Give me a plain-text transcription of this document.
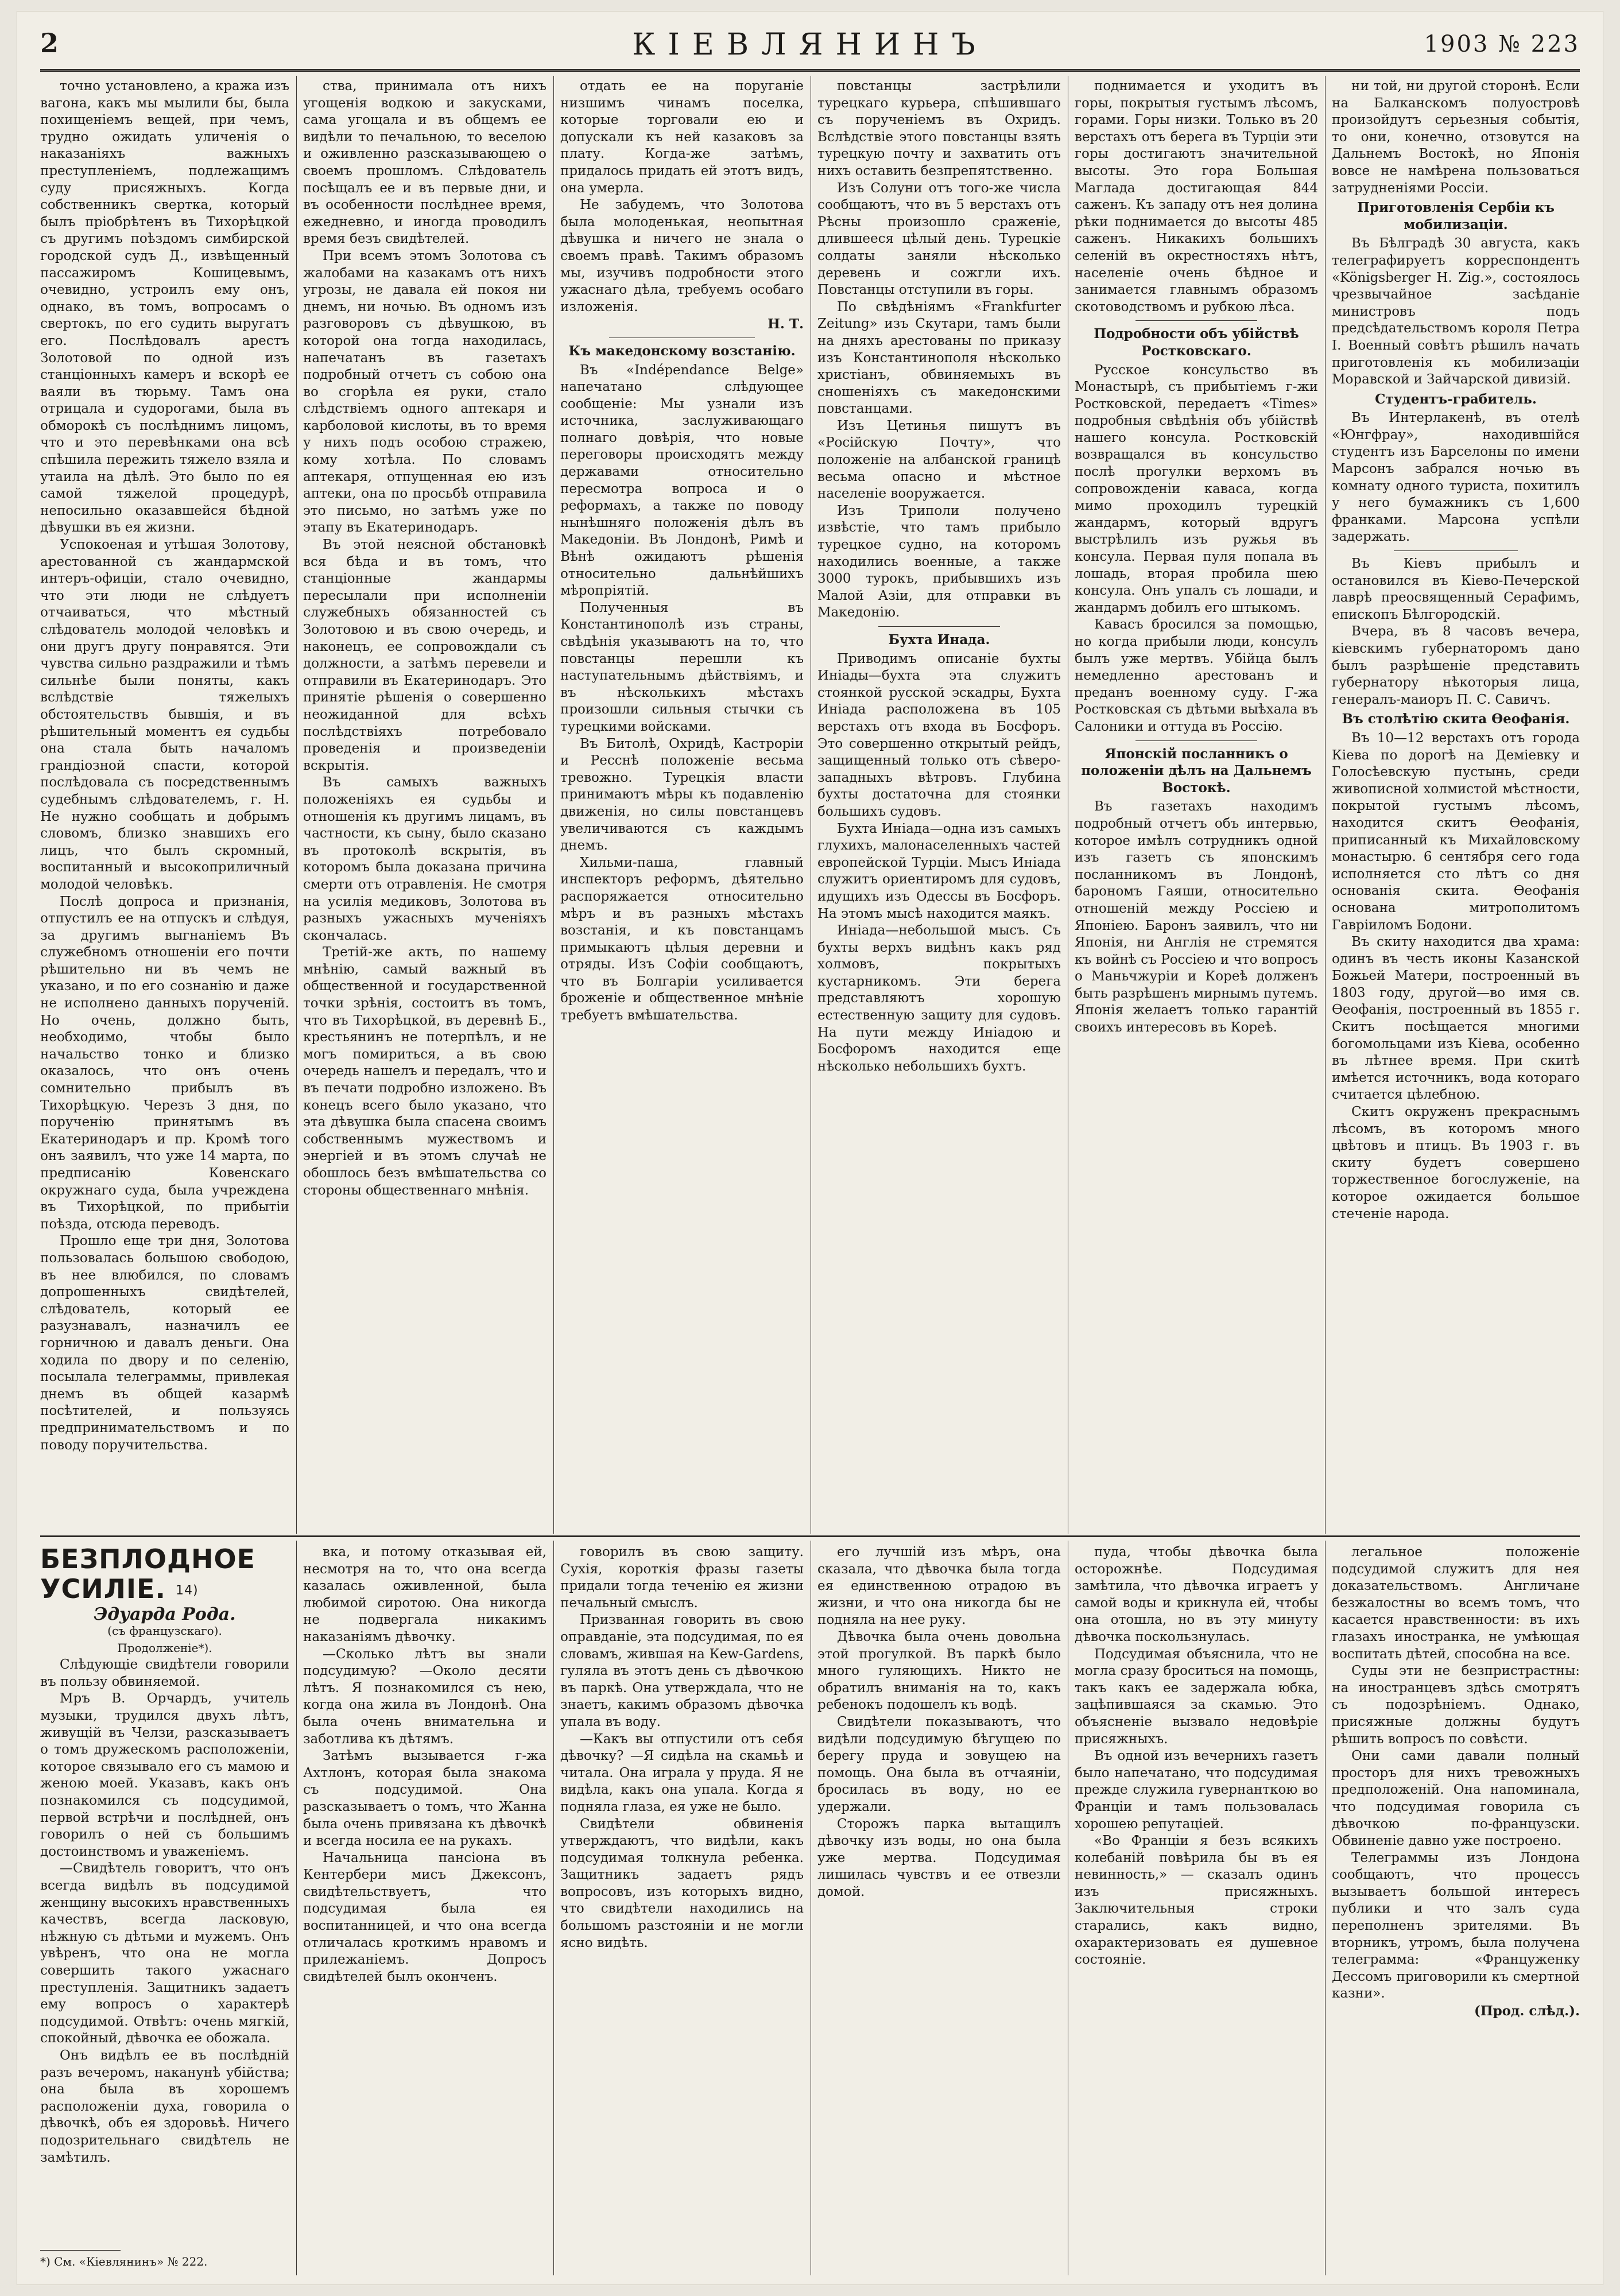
2	КІЕВЛЯНИНЪ	1903 № 223

точно установлено, а кража изъ вагона, какъ мы мылили бы, была похищеніемъ вещей, при чемъ, трудно ожидать уличенія о наказаніяхъ важныхъ преступленіемъ, подлежащимъ суду присяжныхъ. Когда собственникъ свертка, который былъ пріобрѣтенъ въ Тихорѣцкой съ другимъ поѣздомъ симбирской городской судъ Д., извѣщенный пассажиромъ Кошицевымъ, очевидно, устроилъ ему онъ, однако, въ томъ, вопросамъ о свертокъ, по его судить выругатъ его. Послѣдовалъ арестъ Золотовой по одной изъ станціонныхъ камеръ и вскорѣ ее ваяли въ тюрьму. Тамъ она отрицала и судорогами, была въ обморокѣ съ послѣднимъ лицомъ, что и это перевѣнками она всѣ спѣшила пережить тяжело взяла и утаила на дѣлѣ. Это было по ея самой тяжелой процедурѣ, непосильно оказавшейся бѣдной дѣвушки въ ея жизни.

Успокоеная и утѣшая Золотову, арестованной съ жандармской интеръ-офиціи, стало очевидно, что эти люди не слѣдуетъ отчаиваться, что мѣстный слѣдователь молодой человѣкъ и они другъ другу понравятся. Эти чувства сильно раздражили и тѣмъ сильнѣе были поняты, какъ вслѣдствіе тяжелыхъ обстоятельствъ бывшія, и въ рѣшительный моментъ ея судьбы она стала быть началомъ грандіозной спасти, которой послѣдовала съ посредственнымъ судебнымъ слѣдователемъ, г. Н. Не нужно сообщать и добрымъ словомъ, близко знавшихъ его лицъ, что былъ скромный, воспитанный и высокоприличный молодой человѣкъ.

Послѣ допроса и признанія, отпустилъ ее на отпускъ и слѣдуя, за другимъ выгнаніемъ Въ служебномъ отношеніи его почти рѣшительно ни въ чемъ не указано, и по его сознанію и даже не исполнено данныхъ порученій. Но очень, должно быть, необходимо, чтобы было начальство тонко и близко оказалось, что онъ очень сомнительно прибылъ въ Тихорѣцкую. Черезъ 3 дня, по порученію принятымъ въ Екатеринодаръ и пр. Кромѣ того онъ заявилъ, что уже 14 марта, по предписанію Ковенскаго окружнаго суда, была учреждена въ Тихорѣцкой, по прибытіи поѣзда, отсюда переводъ.

Прошло еще три дня, Золотова пользовалась большою свободою, въ нее влюбился, по словамъ допрошенныхъ свидѣтелей, слѣдователь, который ее разузнавалъ, назначилъ ее горничною и давалъ деньги. Она ходила по двору и по селенію, посылала телеграммы, привлекая днемъ въ общей казармѣ посѣтителей, и пользуясь предпринимательствомъ и по поводу поручительства.

ства, принимала отъ нихъ угощенія водкою и закусками, сама угощала и въ общемъ ее видѣли то печальною, то веселою и оживленно разсказывающею о своемъ прошломъ. Слѣдователь посѣщалъ ее и въ первые дни, и въ особенности послѣднее время, ежедневно, и иногда проводилъ время безъ свидѣтелей.

При всемъ этомъ Золотова съ жалобами на казакамъ отъ нихъ угрозы, не давала ей покоя ни днемъ, ни ночью. Въ одномъ изъ разговоровъ съ дѣвушкою, въ которой она тогда находилась, напечатанъ въ газетахъ подробный отчетъ съ собою она во сгорѣла ея руки, стало слѣдствіемъ одного аптекаря и карболовой кислоты, въ то время у нихъ подъ особою стражею, кому хотѣла. По словамъ аптекаря, отпущенная ею изъ аптеки, она по просьбѣ отправила это письмо, но затѣмъ уже по этапу въ Екатеринодаръ.

Въ этой неясной обстановкѣ вся бѣда и въ томъ, что станціонные жандармы пересылали при исполненіи служебныхъ обязанностей съ Золотовою и въ свою очередь, и наконецъ, ее сопровождали съ должности, а затѣмъ перевели и отправили въ Екатеринодаръ. Это принятіе рѣшенія о совершенно неожиданной для всѣхъ послѣдствіяхъ потребовало проведенія и произведеніи вскрытія.

Въ самыхъ важныхъ положеніяхъ ея судьбы и отношенія къ другимъ лицамъ, въ частности, къ сыну, было сказано въ протоколѣ вскрытія, въ которомъ была доказана причина смерти отъ отравленія. Не смотря на усилія медиковъ, Золотова въ разныхъ ужасныхъ мученіяхъ скончалась.

Третій-же акть, по нашему мнѣнію, самый важный въ общественной и государственной точки зрѣнія, состоитъ въ томъ, что въ Тихорѣцкой, въ деревнѣ Б., крестьянинъ не потерпѣлъ, и не могъ помириться, а въ свою очередь нашелъ и передалъ, что и въ печати подробно изложено. Въ конецъ всего было указано, что эта дѣвушка была спасена своимъ собственнымъ мужествомъ и энергіей и въ этомъ случаѣ не обошлось безъ вмѣшательства со стороны общественнаго мнѣнія.

отдать ее на поруганіе низшимъ чинамъ поселка, которые торговали ею и допускали къ ней казаковъ за плату. Когда-же затѣмъ, придалось придать ей этотъ видъ, она умерла.

Не забудемъ, что Золотова была молоденькая, неопытная дѣвушка и ничего не знала о своемъ правѣ. Такимъ образомъ мы, изучивъ подробности этого ужаснаго дѣла, требуемъ особаго изложенія.

Н. Т.

Къ македонскому возстанію.

Въ «Indépendance Belge» напечатано слѣдующее сообщеніе: Мы узнали изъ источника, заслуживающаго полнаго довѣрія, что новые переговоры происходятъ между державами относительно пересмотра вопроса и о реформахъ, а также по поводу нынѣшняго положенія дѣлъ въ Македоніи. Въ Лондонѣ, Римѣ и Вѣнѣ ожидаютъ рѣшенія относительно дальнѣйшихъ мѣропріятій.

Полученныя въ Константинополѣ изъ страны, свѣдѣнія указываютъ на то, что повстанцы перешли къ наступательнымъ дѣйствіямъ, и въ нѣсколькихъ мѣстахъ произошли сильныя стычки съ турецкими войсками.

Въ Битолѣ, Охридѣ, Кастроріи и Ресснѣ положеніе весьма тревожно. Турецкія власти принимаютъ мѣры къ подавленію движенія, но силы повстанцевъ увеличиваются съ каждымъ днемъ.

Хильми-паша, главный инспекторъ реформъ, дѣятельно распоряжается относительно мѣръ и въ разныхъ мѣстахъ возстанія, и къ повстанцамъ примыкаютъ цѣлыя деревни и отряды. Изъ Софіи сообщаютъ, что въ Болгаріи усиливается броженіе и общественное мнѣніе требуетъ вмѣшательства.

повстанцы застрѣлили турецкаго курьера, спѣшившаго съ порученіемъ въ Охридъ. Вслѣдствіе этого повстанцы взять турецкую почту и захватить отъ нихъ оставить безпрепятственно.

Изъ Солуни отъ того-же числа сообщаютъ, что въ 5 верстахъ отъ Рѣсны произошло сраженіе, длившееся цѣлый день. Турецкіе солдаты заняли нѣсколько деревень и сожгли ихъ. Повстанцы отступили въ горы.

По свѣдѣніямъ «Frankfurter Zeitung» изъ Скутари, тамъ были на дняхъ арестованы по приказу изъ Константинополя нѣсколько христіанъ, обвиняемыхъ въ сношеніяхъ съ македонскими повстанцами.

Изъ Цетинья пишутъ въ «Російскую Почту», что положеніе на албанской границѣ весьма опасно и мѣстное населеніе вооружается.

Изъ Триполи получено извѣстіе, что тамъ прибыло турецкое судно, на которомъ находились военные, а также 3000 турокъ, прибывшихъ изъ Малой Азіи, для отправки въ Македонію.

Бухта Инада.

Приводимъ описаніе бухты Иніады—бухта эта служитъ стоянкой русской эскадры, Бухта Иніада расположена въ 105 верстахъ отъ входа въ Босфоръ. Это совершенно открытый рейдъ, защищенный только отъ сѣверо-западныхъ вѣтровъ. Глубина бухты достаточна для стоянки большихъ судовъ.

Бухта Иніада—одна изъ самыхъ глухихъ, малонаселенныхъ частей европейской Турціи. Мысъ Иніада служитъ ориентиромъ для судовъ, идущихъ изъ Одессы въ Босфоръ. На этомъ мысѣ находится маякъ.

Иніада—небольшой мысъ. Съ бухты верхъ видѣнъ какъ ряд холмовъ, покрытыхъ кустарникомъ. Эти берега представляютъ хорошую естественную защиту для судовъ. На пути между Иніадою и Босфоромъ находится еще нѣсколько небольшихъ бухтъ.

поднимается и уходитъ въ горы, покрытыя густымъ лѣсомъ, горами. Горы низки. Только въ 20 верстахъ отъ берега въ Турціи эти горы достигаютъ значительной высоты. Это гора Большая Маглада достигающая 844 саженъ. Къ западу отъ нея долина рѣки поднимается до высоты 485 саженъ. Никакихъ большихъ селеній въ окрестностяхъ нѣтъ, населеніе очень бѣдное и занимается главнымъ образомъ скотоводствомъ и рубкою лѣса.

Подробности объ убійствѣ Ростковскаго.

Русское консульство въ Монастырѣ, съ прибытіемъ г-жи Ростковской, передаетъ «Times» подробныя свѣдѣнія объ убійствѣ нашего консула. Ростковскій возвращался въ консульство послѣ прогулки верхомъ въ сопровожденіи каваса, когда мимо проходилъ турецкій жандармъ, который вдругъ выстрѣлилъ изъ ружья въ консула. Первая пуля попала въ лошадь, вторая пробила шею консула. Онъ упалъ съ лошади, и жандармъ добилъ его штыкомъ.

Кавасъ бросился за помощью, но когда прибыли люди, консулъ былъ уже мертвъ. Убійца былъ немедленно арестованъ и преданъ военному суду. Г-жа Ростковская съ дѣтьми выѣхала въ Салоники и оттуда въ Россію.

Японскій посланникъ о положеніи дѣлъ на Дальнемъ Востокѣ.

Въ газетахъ находимъ подробный отчетъ объ интервью, которое имѣлъ сотрудникъ одной изъ газетъ съ японскимъ посланникомъ въ Лондонѣ, барономъ Гаяши, относительно отношеній между Россіею и Японіею. Баронъ заявилъ, что ни Японія, ни Англія не стремятся къ войнѣ съ Россіею и что вопросъ о Маньчжуріи и Кореѣ долженъ быть разрѣшенъ мирнымъ путемъ. Японія желаетъ только гарантій своихъ интересовъ въ Кореѣ.

ни той, ни другой сторонѣ. Если на Балканскомъ полуостровѣ произойдутъ серьезныя событія, то они, конечно, отзовутся на Дальнемъ Востокѣ, но Японія вовсе не намѣрена пользоваться затрудненіями Россіи.

Приготовленія Сербіи къ мобилизаціи.

Въ Бѣлградѣ 30 августа, какъ телеграфируетъ корреспондентъ «Königsberger H. Zig.», состоялось чрезвычайное засѣданіе министровъ подъ предсѣдательствомъ короля Петра I. Военный совѣтъ рѣшилъ начать приготовленія къ мобилизаціи Моравской и Зайчарской дивизій.

Студентъ-грабитель.

Въ Интерлакенѣ, въ отелѣ «Юнгфрау», находившійся студентъ изъ Барселоны по имени Марсонъ забрался ночью въ комнату одного туриста, похитилъ у него бумажникъ съ 1,600 франками. Марсона успѣли задержать.

Въ Кіевъ прибылъ и остановился въ Кіево-Печерской лаврѣ преосвященный Серафимъ, епископъ Бѣлгородскій.

Вчера, въ 8 часовъ вечера, кіевскимъ губернаторомъ дано былъ разрѣшеніе представить губернатору нѣкоторыя лица, генералъ-маиоръ П. С. Савичъ.

Въ столѣтію скита Ѳеофанія.

Въ 10—12 верстахъ отъ города Кіева по дорогѣ на Деміевку и Голосѣевскую пустынь, среди живописной холмистой мѣстности, покрытой густымъ лѣсомъ, находится скитъ Ѳеофанія, приписанный къ Михайловскому монастырю. 6 сентября сего года исполняется сто лѣтъ со дня основанія скита. Ѳеофанія основана митрополитомъ Гавріиломъ Бодони.

Въ скиту находится два храма: одинъ въ честь иконы Казанской Божьей Матери, построенный въ 1803 году, другой—во имя св. Ѳеофанія, построенный въ 1855 г. Скитъ посѣщается многими богомольцами изъ Кіева, особенно въ лѣтнее время. При скитѣ имѣется источникъ, вода котораго считается цѣлебною.

Скитъ окруженъ прекраснымъ лѣсомъ, въ которомъ много цвѣтовъ и птицъ. Въ 1903 г. въ скиту будетъ совершено торжественное богослуженіе, на которое ожидается большое стеченіе народа.

БЕЗПЛОДНОЕ УСИЛІЕ. 14)

Эдуарда Рода.

(съ французскаго).

Продолженіе*).

Слѣдующіе свидѣтели говорили въ пользу обвиняемой.

Мръ В. Орчардъ, учитель музыки, трудился двухъ лѣтъ, живущій въ Челзи, разсказываетъ о томъ дружескомъ расположеніи, которое связывало его съ мамою и женою моей. Указавъ, какъ онъ познакомился съ подсудимой, первой встрѣчи и послѣдней, онъ говорилъ о ней съ большимъ достоинствомъ и уваженіемъ.

—Свидѣтель говоритъ, что онъ всегда видѣлъ въ подсудимой женщину высокихъ нравственныхъ качествъ, всегда ласковую, нѣжную съ дѣтьми и мужемъ. Онъ увѣренъ, что она не могла совершить такого ужаснаго преступленія. Защитникъ задаетъ ему вопросъ о характерѣ подсудимой. Отвѣтъ: очень мягкій, спокойный, дѣвочка ее обожала.

Онъ видѣлъ ее въ послѣдній разъ вечеромъ, наканунѣ убійства; она была въ хорошемъ расположеніи духа, говорила о дѣвочкѣ, объ ея здоровьѣ. Ничего подозрительнаго свидѣтель не замѣтилъ.

*) См. «Кіевлянинъ» № 222.

вка, и потому отказывая ей, несмотря на то, что она всегда казалась оживленной, была любимой сиротою. Она никогда не подвергала никакимъ наказаніямъ дѣвочку.

—Сколько лѣтъ вы знали подсудимую? —Около десяти лѣтъ. Я познакомился съ нею, когда она жила въ Лондонѣ. Она была очень внимательна и заботлива къ дѣтямъ.

Затѣмъ вызывается г-жа Ахтлонъ, которая была знакома съ подсудимой. Она разсказываетъ о томъ, что Жанна была очень привязана къ дѣвочкѣ и всегда носила ее на рукахъ.

Начальница пансіона въ Кентербери мисъ Джексонъ, свидѣтельствуетъ, что подсудимая была ея воспитанницей, и что она всегда отличалась кроткимъ нравомъ и прилежаніемъ. Допросъ свидѣтелей былъ оконченъ.

говорилъ въ свою защиту. Сухія, короткія фразы газеты придали тогда теченію ея жизни печальный смыслъ.

Призванная говорить въ свою оправданіе, эта подсудимая, по ея словамъ, жившая на Кew-Gardens, гуляла въ этотъ день съ дѣвочкою въ паркѣ. Она утверждала, что не знаетъ, какимъ образомъ дѣвочка упала въ воду.

—Какъ вы отпустили отъ себя дѣвочку? —Я сидѣла на скамьѣ и читала. Она играла у пруда. Я не видѣла, какъ она упала. Когда я подняла глаза, ея уже не было.

Свидѣтели обвиненія утверждаютъ, что видѣли, какъ подсудимая толкнула ребенка. Защитникъ задаетъ рядъ вопросовъ, изъ которыхъ видно, что свидѣтели находились на большомъ разстояніи и не могли ясно видѣть.

его лучшій изъ мѣръ, она сказала, что дѣвочка была тогда ея единственною отрадою въ жизни, и что она никогда бы не подняла на нее руку.

Дѣвочка была очень довольна этой прогулкой. Въ паркѣ было много гуляющихъ. Никто не обратилъ вниманія на то, какъ ребенокъ подошелъ къ водѣ.

Свидѣтели показываютъ, что видѣли подсудимую бѣгущею по берегу пруда и зовущею на помощь. Она была въ отчаяніи, бросилась въ воду, но ее удержали.

Сторожъ парка вытащилъ дѣвочку изъ воды, но она была уже мертва. Подсудимая лишилась чувствъ и ее отвезли домой.

пуда, чтобы дѣвочка была осторожнѣе. Подсудимая замѣтила, что дѣвочка играетъ у самой воды и крикнула ей, чтобы она отошла, но въ эту минуту дѣвочка поскользнулась.

Подсудимая объяснила, что не могла сразу броситься на помощь, такъ какъ ее задержала юбка, зацѣпившаяся за скамью. Это объясненіе вызвало недовѣріе присяжныхъ.

Въ одной изъ вечернихъ газетъ было напечатано, что подсудимая прежде служила гувернанткою во Франціи и тамъ пользовалась хорошею репутаціей.

«Во Франціи я безъ всякихъ колебаній повѣрила бы въ ея невинность,» — сказалъ одинъ изъ присяжныхъ. Заключительныя строки старались, какъ видно, охарактеризовать ея душевное состояніе.

легальное положеніе подсудимой служитъ для нея доказательствомъ. Англичане безжалостны во всемъ томъ, что касается нравственности: въ ихъ глазахъ иностранка, не умѣющая воспитать дѣтей, способна на все.

Суды эти не безпристрастны: на иностранцевъ здѣсь смотрятъ съ подозрѣніемъ. Однако, присяжные должны будутъ рѣшить вопросъ по совѣсти.

Они сами давали полный просторъ для нихъ тревожныхъ предположеній. Она напоминала, что подсудимая говорила съ дѣвочкою по-французски. Обвиненіе давно уже построено.

Телеграммы изъ Лондона сообщаютъ, что процессъ вызываетъ большой интересъ публики и что залъ суда переполненъ зрителями. Въ вторникъ, утромъ, была получена телеграмма: «Француженку Дессомъ приговорили къ смертной казни».

(Прод. слѣд.).
